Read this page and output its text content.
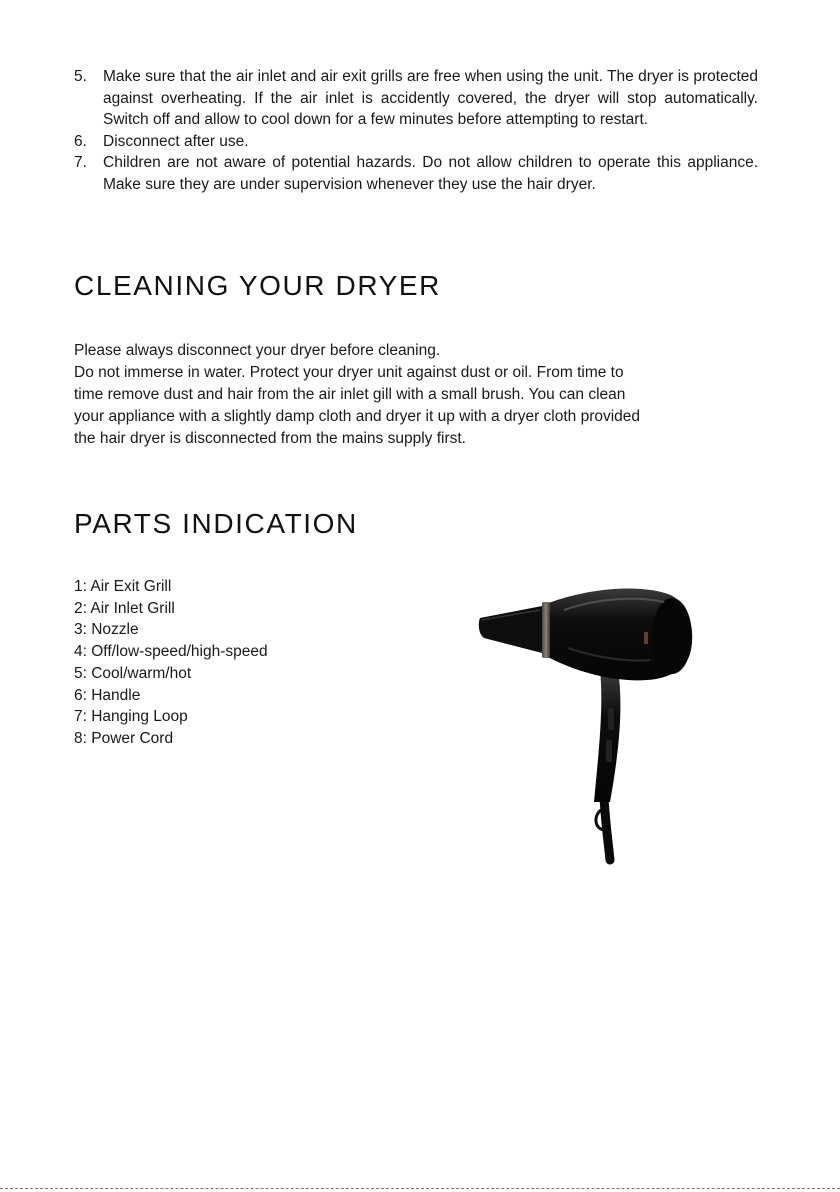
5. Make sure that the air inlet and air exit grills are free when using the unit. The dryer is protected against overheating. If the air inlet is accidently covered, the dryer will stop automatically. Switch off and allow to cool down for a few minutes before attempting to restart.
6. Disconnect after use.
7. Children are not aware of potential hazards. Do not allow children to operate this appliance. Make sure they are under supervision whenever they use the hair dryer.
CLEANING YOUR DRYER

Please always disconnect your dryer before cleaning.
Do not immerse in water. Protect your dryer unit against dust or oil. From time to
time remove dust and hair from the air inlet gill with a small brush. You can clean
your appliance with a slightly damp cloth and dryer it up with a dryer cloth provided
the hair dryer is disconnected from the mains supply first.

PARTS INDICATION
1: Air Exit Grill
2: Air Inlet Grill
3: Nozzle
4: Off/low-speed/high-speed
5: Cool/warm/hot
6: Handle
7: Hanging Loop
8: Power Cord
